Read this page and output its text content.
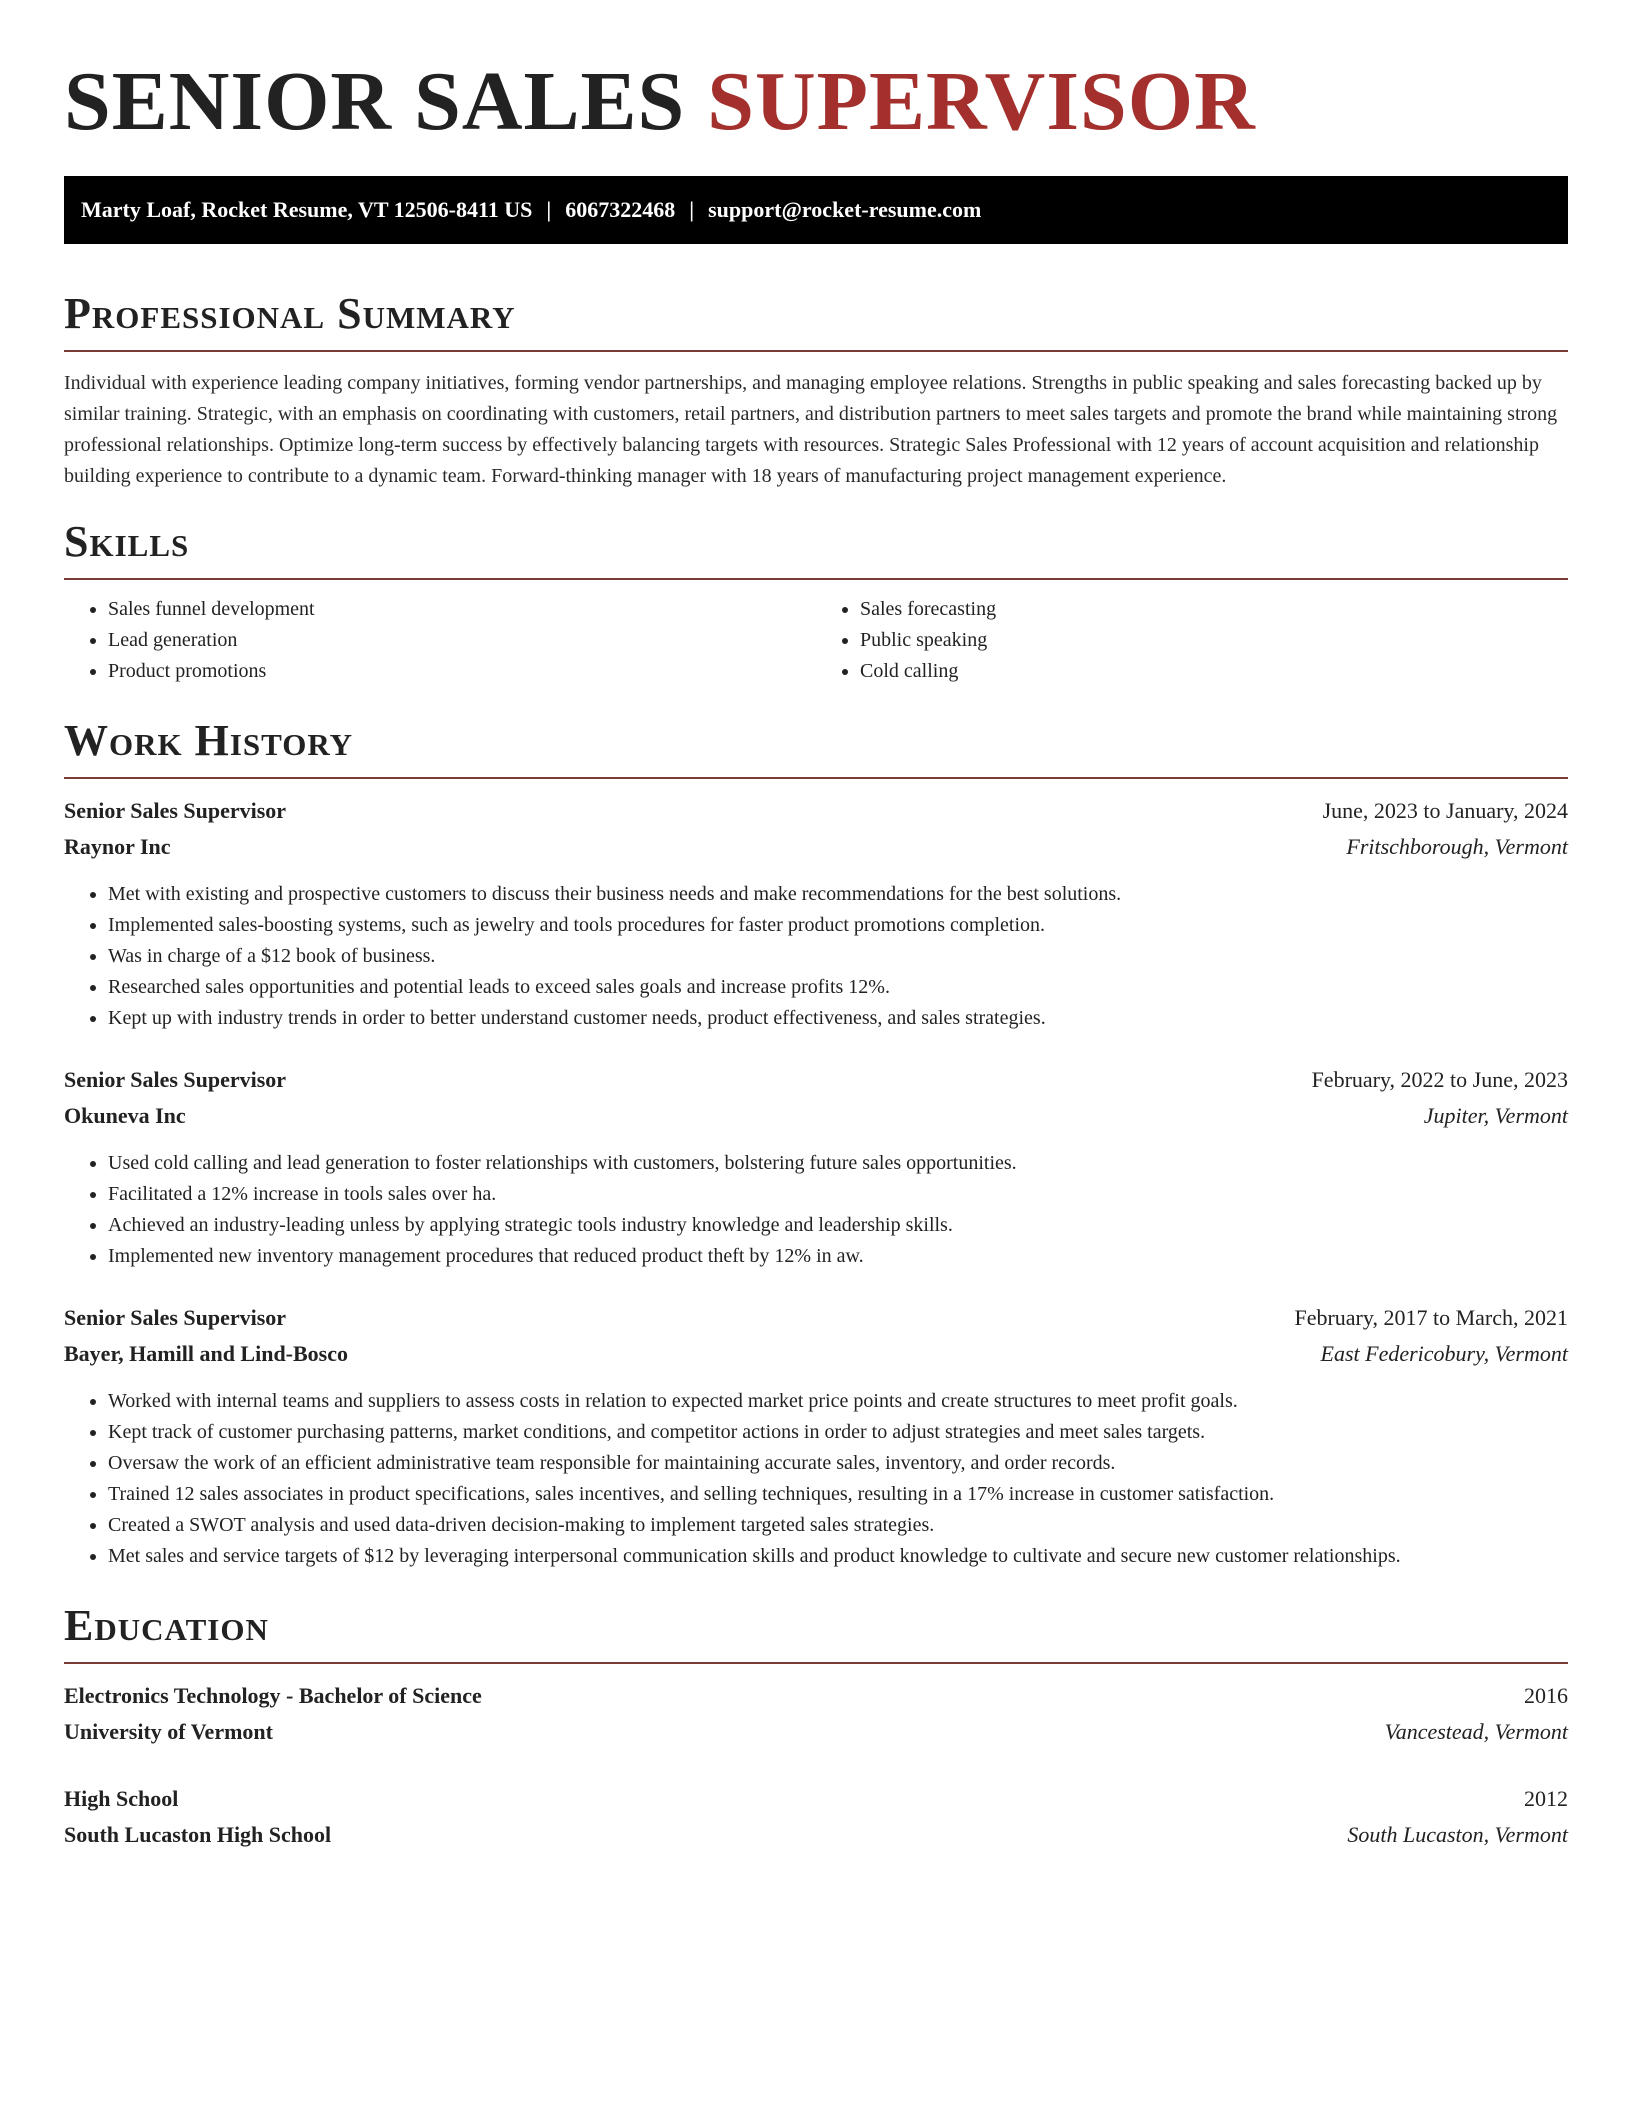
SENIOR SALES SUPERVISOR
Marty Loaf, Rocket Resume, VT 12506-8411 US | 6067322468 | support@rocket-resume.com
Professional Summary

Individual with experience leading company initiatives, forming vendor partnerships, and managing employee relations. Strengths in public speaking and sales forecasting backed up by similar training. Strategic, with an emphasis on coordinating with customers, retail partners, and distribution partners to meet sales targets and promote the brand while maintaining strong professional relationships. Optimize long-term success by effectively balancing targets with resources. Strategic Sales Professional with 12 years of account acquisition and relationship building experience to contribute to a dynamic team. Forward-thinking manager with 18 years of manufacturing project management experience.

Skills
• Sales funnel development
• Lead generation
• Product promotions
• Sales forecasting
• Public speaking
• Cold calling
Work History
Senior Sales Supervisor	June, 2023 to January, 2024
Raynor Inc	Fritschborough, Vermont
• Met with existing and prospective customers to discuss their business needs and make recommendations for the best solutions.
• Implemented sales-boosting systems, such as jewelry and tools procedures for faster product promotions completion.
• Was in charge of a $12 book of business.
• Researched sales opportunities and potential leads to exceed sales goals and increase profits 12%.
• Kept up with industry trends in order to better understand customer needs, product effectiveness, and sales strategies.
Senior Sales Supervisor	February, 2022 to June, 2023
Okuneva Inc	Jupiter, Vermont
• Used cold calling and lead generation to foster relationships with customers, bolstering future sales opportunities.
• Facilitated a 12% increase in tools sales over ha.
• Achieved an industry-leading unless by applying strategic tools industry knowledge and leadership skills.
• Implemented new inventory management procedures that reduced product theft by 12% in aw.
Senior Sales Supervisor	February, 2017 to March, 2021
Bayer, Hamill and Lind-Bosco	East Federicobury, Vermont
• Worked with internal teams and suppliers to assess costs in relation to expected market price points and create structures to meet profit goals.
• Kept track of customer purchasing patterns, market conditions, and competitor actions in order to adjust strategies and meet sales targets.
• Oversaw the work of an efficient administrative team responsible for maintaining accurate sales, inventory, and order records.
• Trained 12 sales associates in product specifications, sales incentives, and selling techniques, resulting in a 17% increase in customer satisfaction.
• Created a SWOT analysis and used data-driven decision-making to implement targeted sales strategies.
• Met sales and service targets of $12 by leveraging interpersonal communication skills and product knowledge to cultivate and secure new customer relationships.
Education
Electronics Technology - Bachelor of Science	2016
University of Vermont	Vancestead, Vermont
High School	2012
South Lucaston High School	South Lucaston, Vermont
